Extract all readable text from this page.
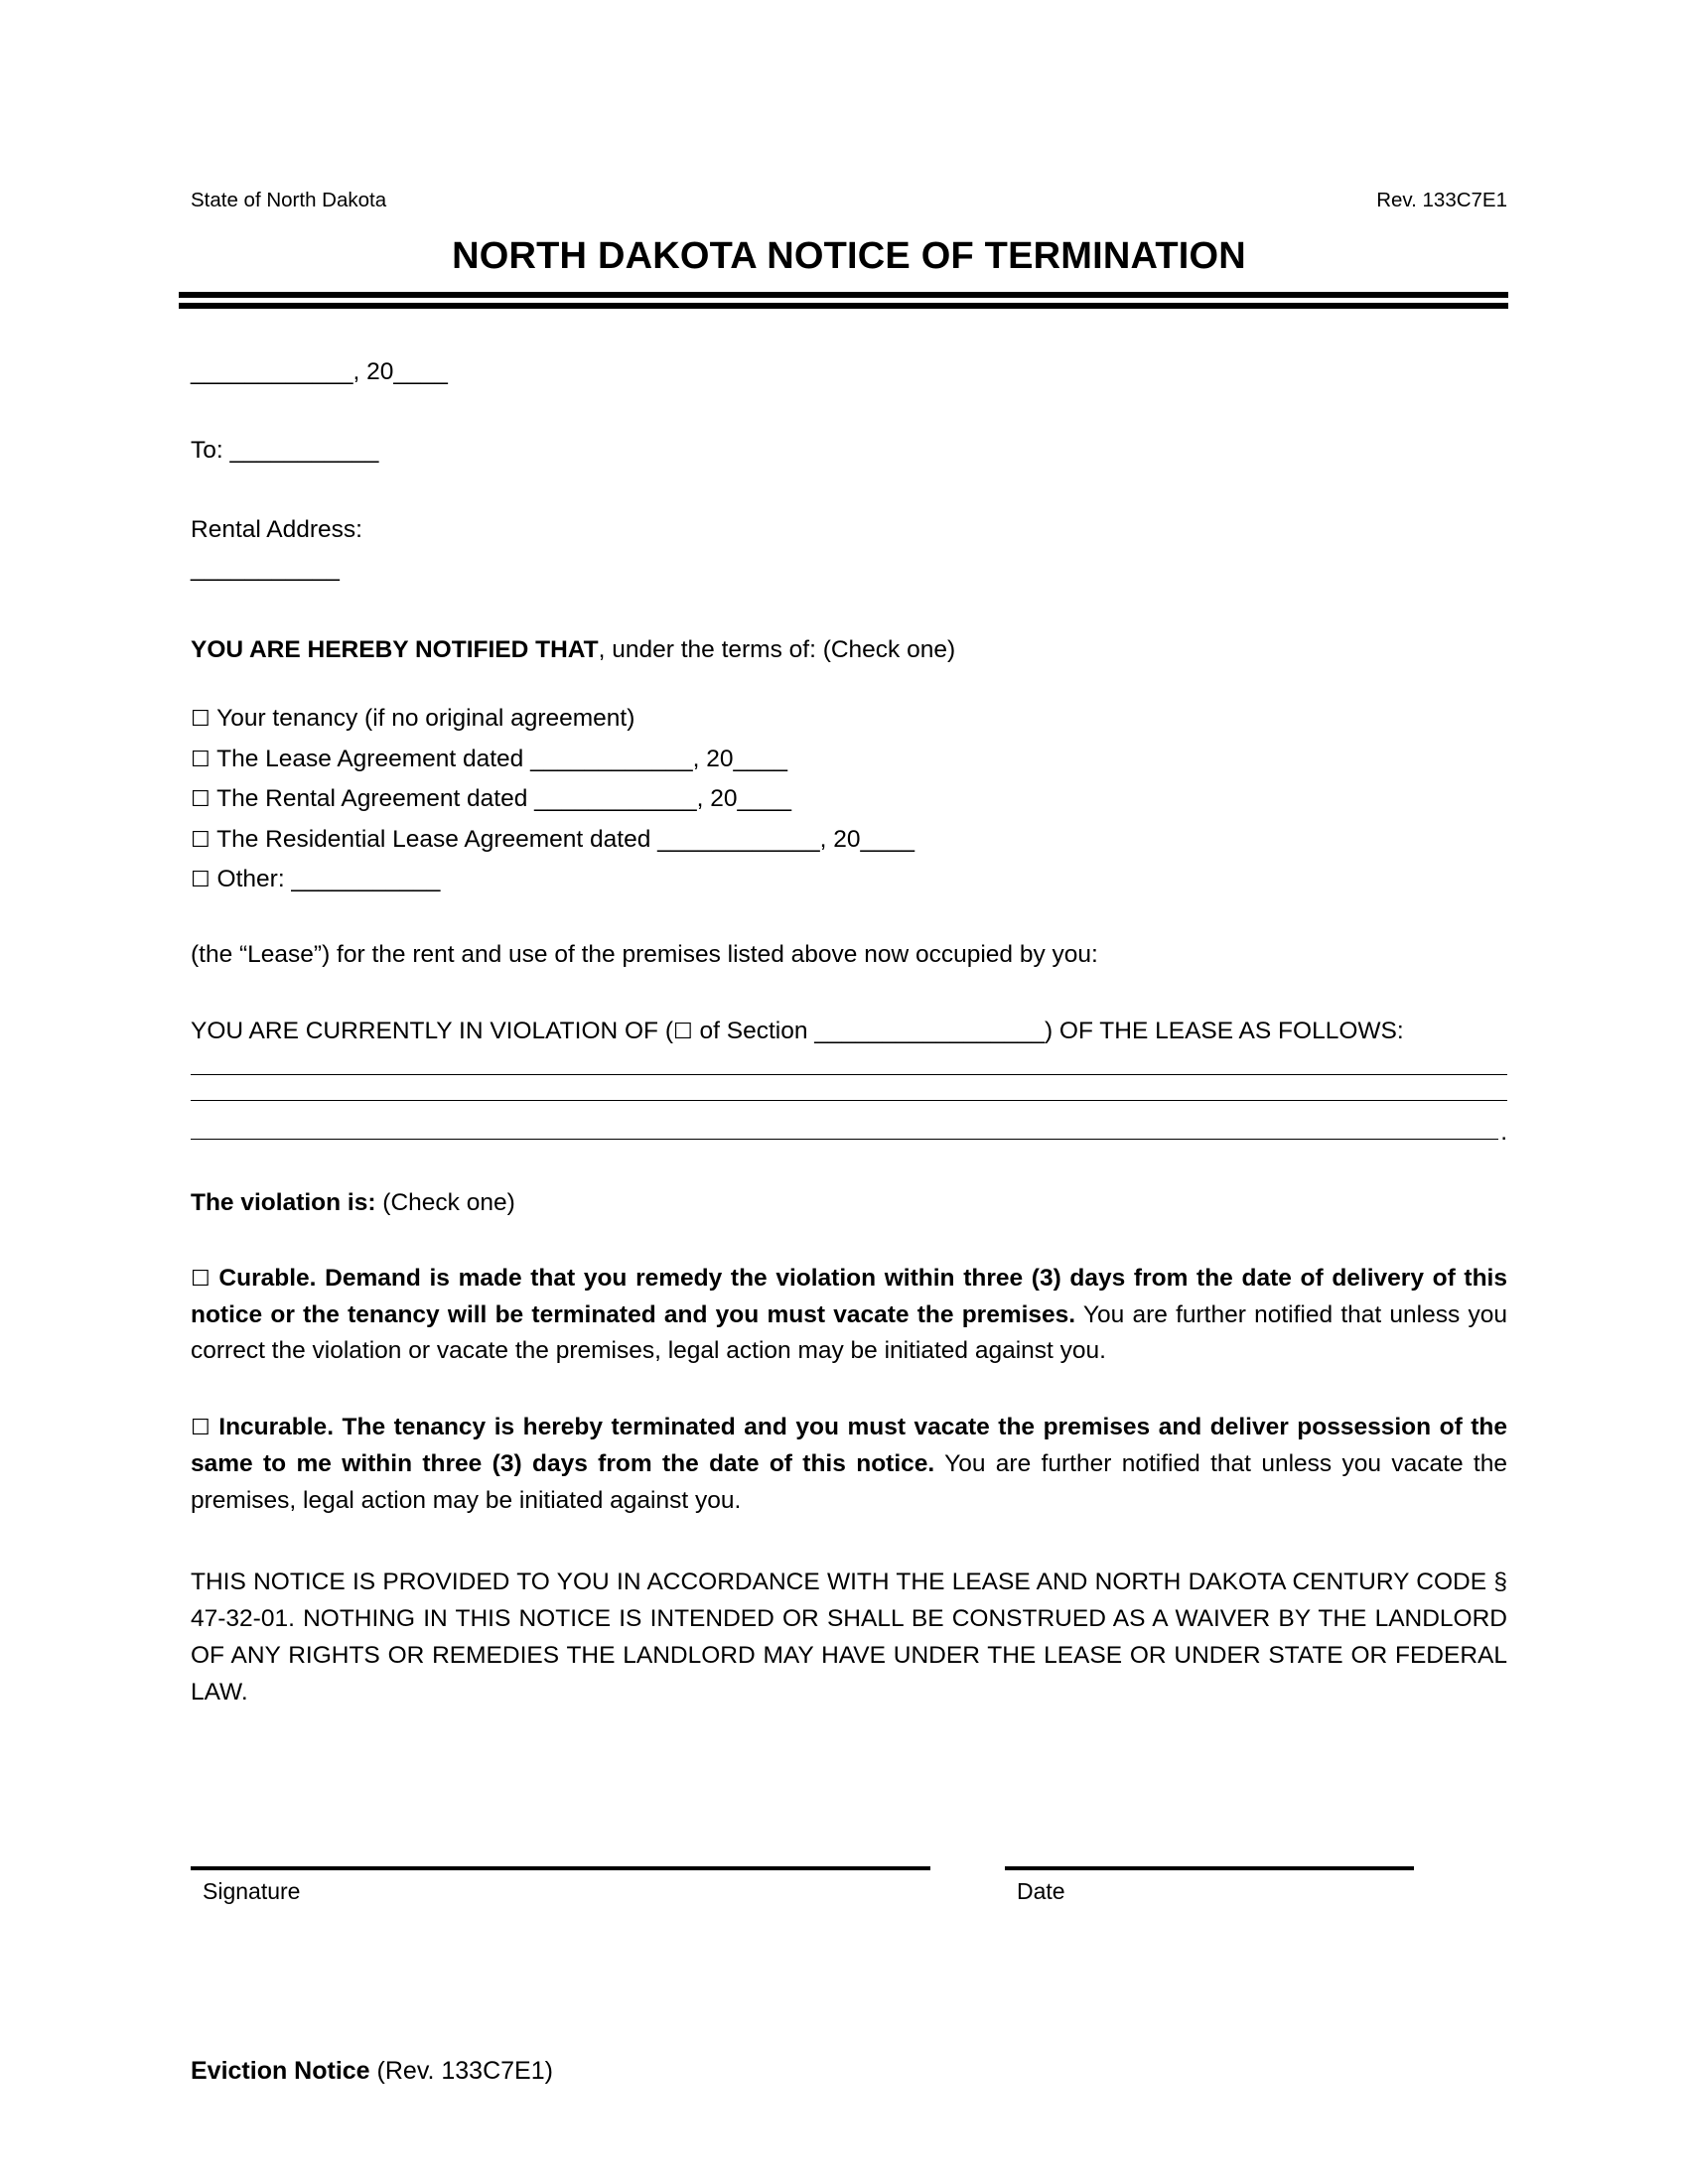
State of North Dakota	Rev. 133C7E1
NORTH DAKOTA NOTICE OF TERMINATION
____________, 20____
To: ___________
Rental Address:
___________
YOU ARE HEREBY NOTIFIED THAT, under the terms of: (Check one)
☐ Your tenancy (if no original agreement)
☐ The Lease Agreement dated ____________, 20____
☐ The Rental Agreement dated ____________, 20____
☐ The Residential Lease Agreement dated ____________, 20____
☐ Other: ___________
(the “Lease”) for the rent and use of the premises listed above now occupied by you:
YOU ARE CURRENTLY IN VIOLATION OF (☐ of Section _________________) OF THE LEASE AS FOLLOWS:
.
The violation is: (Check one)
☐ Curable. Demand is made that you remedy the violation within three (3) days from the date of delivery of this notice or the tenancy will be terminated and you must vacate the premises. You are further notified that unless you correct the violation or vacate the premises, legal action may be initiated against you.
☐ Incurable. The tenancy is hereby terminated and you must vacate the premises and deliver possession of the same to me within three (3) days from the date of this notice. You are further notified that unless you vacate the premises, legal action may be initiated against you.
THIS NOTICE IS PROVIDED TO YOU IN ACCORDANCE WITH THE LEASE AND NORTH DAKOTA CENTURY CODE § 47-32-01. NOTHING IN THIS NOTICE IS INTENDED OR SHALL BE CONSTRUED AS A WAIVER BY THE LANDLORD OF ANY RIGHTS OR REMEDIES THE LANDLORD MAY HAVE UNDER THE LEASE OR UNDER STATE OR FEDERAL LAW.
Signature	Date
Eviction Notice (Rev. 133C7E1)
